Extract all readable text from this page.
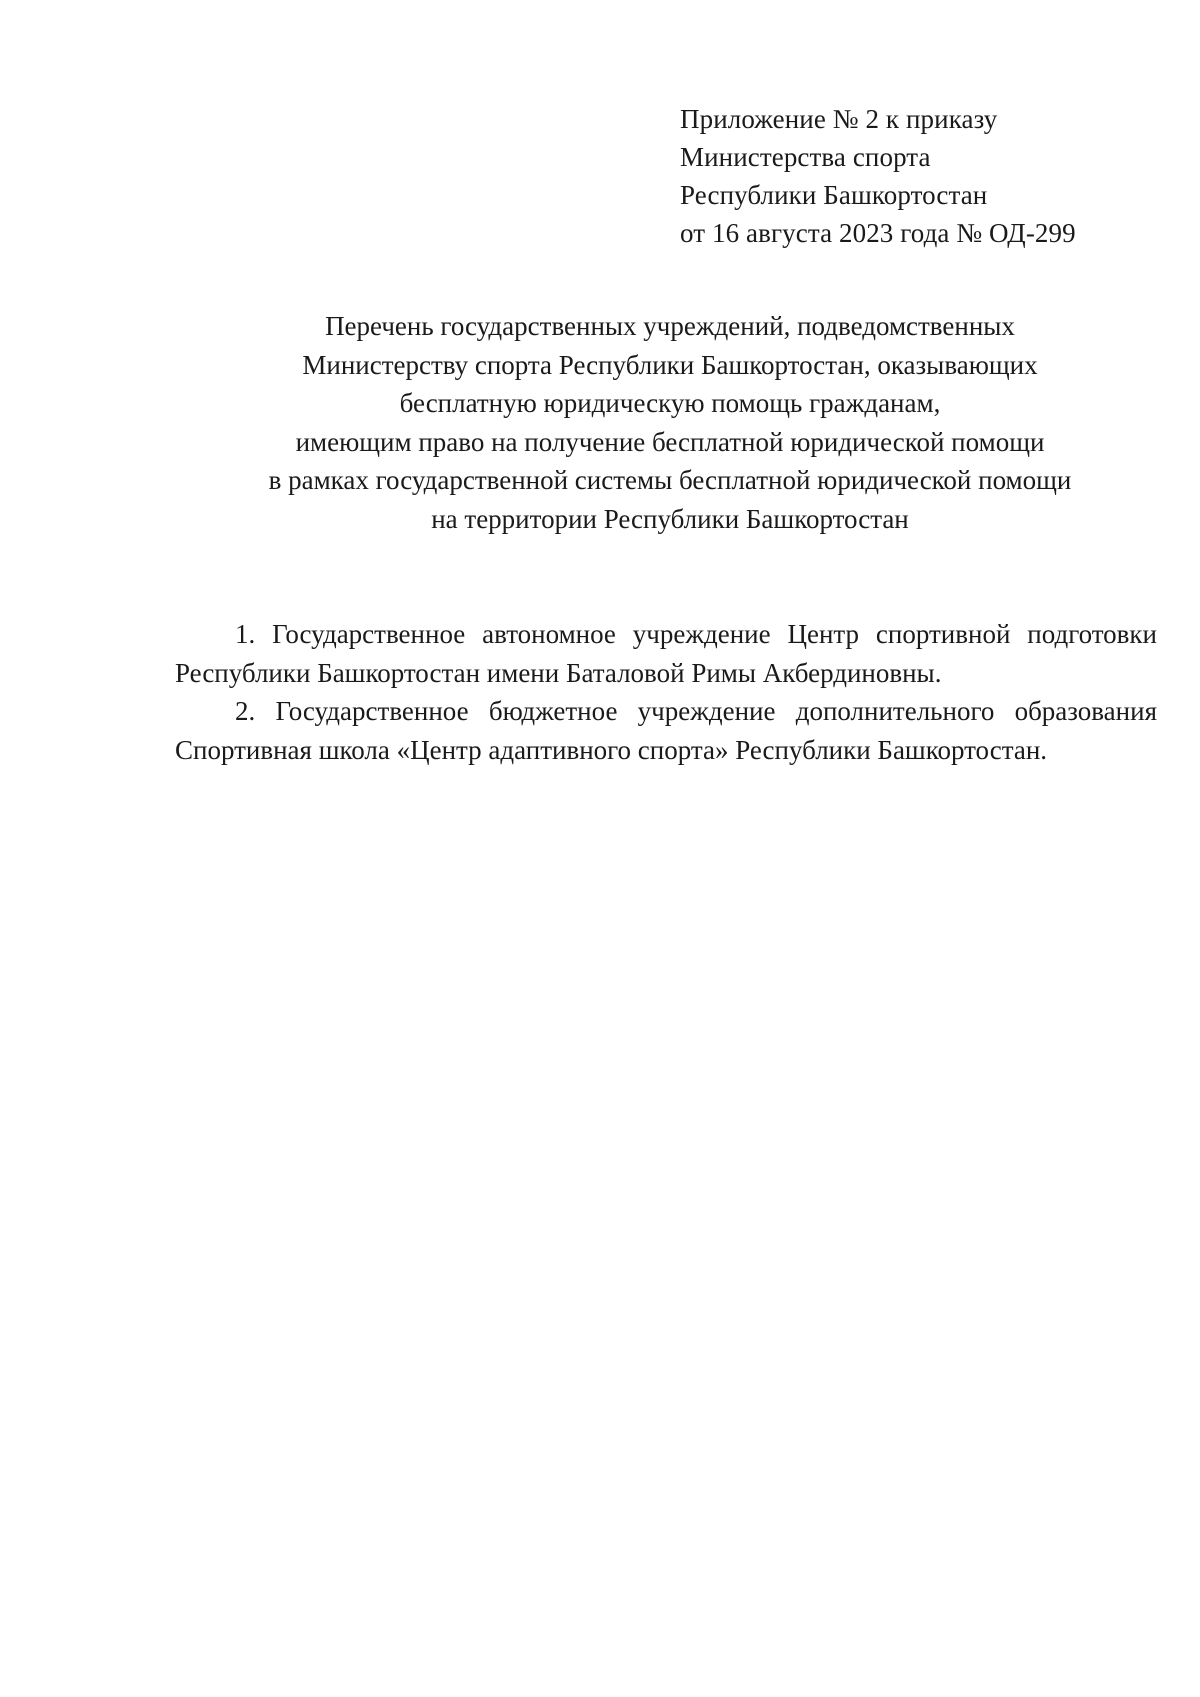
Приложение № 2 к приказу
Министерства спорта
Республики Башкортостан
от 16 августа 2023 года № ОД-299
Перечень государственных учреждений, подведомственных
Министерству спорта Республики Башкортостан, оказывающих
бесплатную юридическую помощь гражданам,
имеющим право на получение бесплатной юридической помощи
в рамках государственной системы бесплатной юридической помощи
на территории Республики Башкортостан
1. Государственное автономное учреждение Центр спортивной подготовки
Республики Башкортостан имени Баталовой Римы Акбердиновны.
2. Государственное бюджетное учреждение дополнительного образования
Спортивная школа «Центр адаптивного спорта» Республики Башкортостан.
